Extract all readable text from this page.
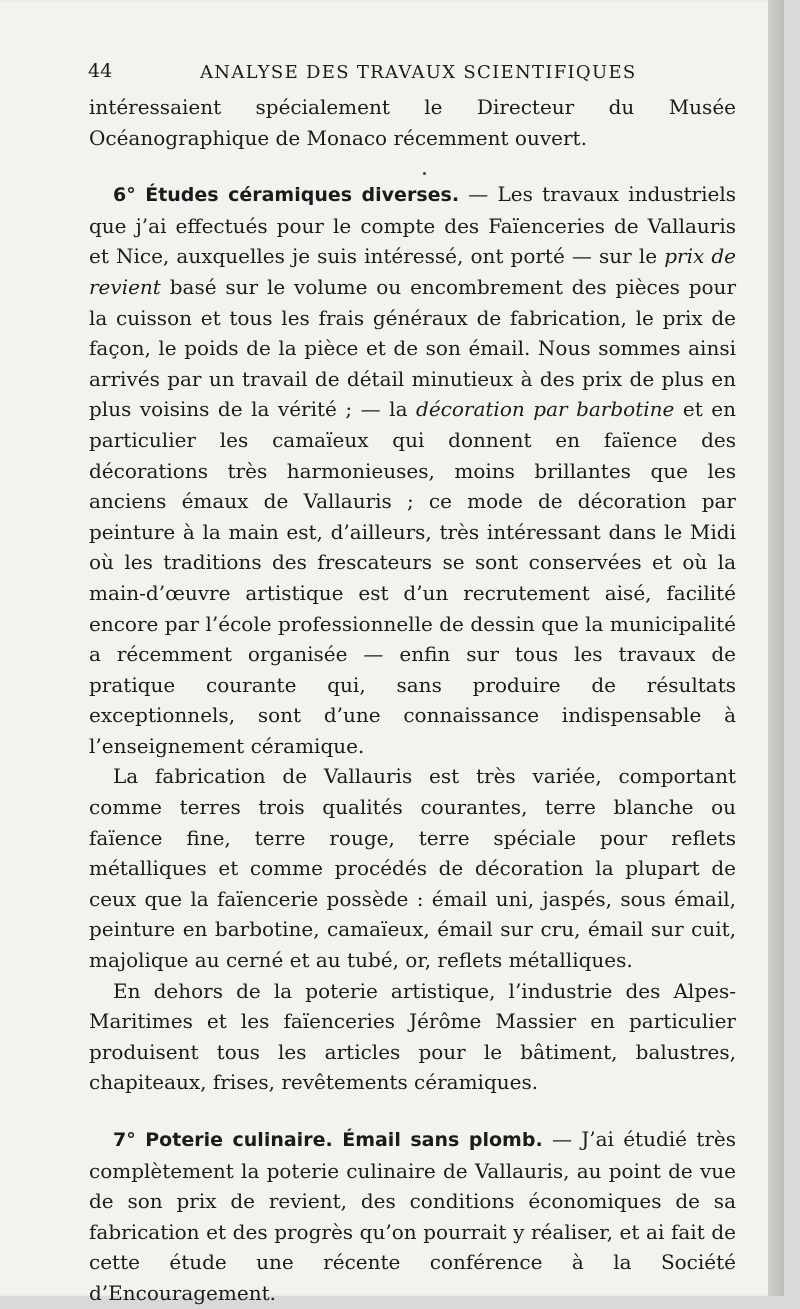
44	ANALYSE DES TRAVAUX SCIENTIFIQUES

intéressaient spécialement le Directeur du Musée Océanographique de Monaco récemment ouvert.

6° Études céramiques diverses. — Les travaux industriels que j’ai effectués pour le compte des Faïenceries de Vallauris et Nice, auxquelles je suis intéressé, ont porté — sur le prix de revient basé sur le volume ou encombrement des pièces pour la cuisson et tous les frais généraux de fabrication, le prix de façon, le poids de la pièce et de son émail. Nous sommes ainsi arrivés par un travail de détail minutieux à des prix de plus en plus voisins de la vérité ; — la décoration par barbotine et en particulier les camaïeux qui donnent en faïence des décorations très harmonieuses, moins brillantes que les anciens émaux de Vallauris ; ce mode de décoration par peinture à la main est, d’ailleurs, très intéressant dans le Midi où les traditions des frescateurs se sont conservées et où la main-d’œuvre artistique est d’un recrutement aisé, facilité encore par l’école professionnelle de dessin que la municipalité a récemment organisée — enfin sur tous les travaux de pratique courante qui, sans produire de résultats exceptionnels, sont d’une connaissance indispensable à l’enseignement céramique.

La fabrication de Vallauris est très variée, comportant comme terres trois qualités courantes, terre blanche ou faïence fine, terre rouge, terre spéciale pour reflets métalliques et comme procédés de décoration la plupart de ceux que la faïencerie possède : émail uni, jaspés, sous émail, peinture en barbotine, camaïeux, émail sur cru, émail sur cuit, majolique au cerné et au tubé, or, reflets métalliques.

En dehors de la poterie artistique, l’industrie des Alpes-Maritimes et les faïenceries Jérôme Massier en particulier produisent tous les articles pour le bâtiment, balustres, chapiteaux, frises, revêtements céramiques.

7° Poterie culinaire. Émail sans plomb. — J’ai étudié très complètement la poterie culinaire de Vallauris, au point de vue de son prix de revient, des conditions économiques de sa fabrication et des progrès qu’on pourrait y réaliser, et ai fait de cette étude une récente conférence à la Société d’Encouragement.
